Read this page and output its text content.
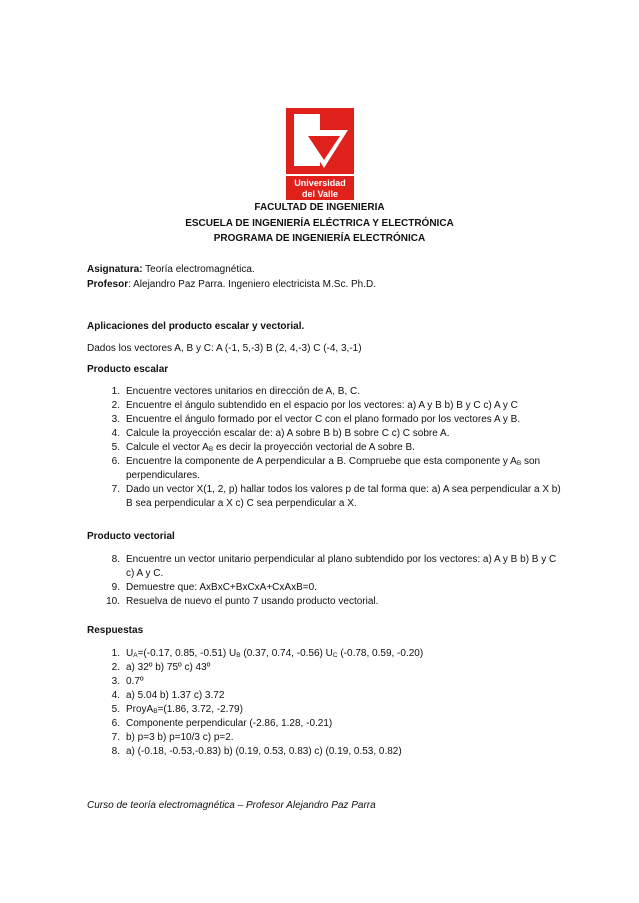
Universidad
del Valle
FACULTAD DE INGENIERIA
ESCUELA DE INGENIERÍA ELÉCTRICA Y ELECTRÓNICA
PROGRAMA DE INGENIERÍA ELECTRÓNICA
Asignatura: Teoría electromagnética.
Profesor: Alejandro Paz Parra. Ingeniero electricista M.Sc. Ph.D.
Aplicaciones del producto escalar y vectorial.
Dados los vectores A, B y C: A (-1, 5,-3) B (2, 4,-3) C (-4, 3,-1)
Producto escalar
1. Encuentre vectores unitarios en dirección de A, B, C.
2. Encuentre el ángulo subtendido en el espacio por los vectores: a) A y B b) B y C c) A y C
3. Encuentre el ángulo formado por el vector C con el plano formado por los vectores A y B.
4. Calcule la proyección escalar de: a) A sobre B b) B sobre C c) C sobre A.
5. Calcule el vector $A_B$ es decir la proyección vectorial de A sobre B.
6. Encuentre la componente de A perpendicular a B. Compruebe que esta componente y $A_B$ son perpendiculares.
7. Dado un vector X(1, 2, p) hallar todos los valores p de tal forma que: a) A sea perpendicular a X b) B sea perpendicular a X c) C sea perpendicular a X.
Producto vectorial
8. Encuentre un vector unitario perpendicular al plano subtendido por los vectores: a) A y B b) B y C c) A y C.
9. Demuestre que: AxBxC+BxCxA+CxAxB=0.
10. Resuelva de nuevo el punto 7 usando producto vectorial.
Respuestas
1. $U_A=(-0.17$, 0.85, -0.51) $U_B$ (0.37, 0.74, -0.56) $U_C$ (-0.78, 0.59, -0.20)
2. a) 32º b) 75º c) 43º
3. 0.7º
4. a) 5.04 b) 1.37 c) 3.72
5. ProyA$_B$=(1.86, 3.72, -2.79)
6. Componente perpendicular (-2.86, 1.28, -0.21)
7. b) p=3 b) p=10/3 c) p=2.
8. a) (-0.18, -0.53,-0.83) b) (0.19, 0.53, 0.83) c) (0.19, 0.53, 0.82)
Curso de teoría electromagnética – Profesor Alejandro Paz Parra
